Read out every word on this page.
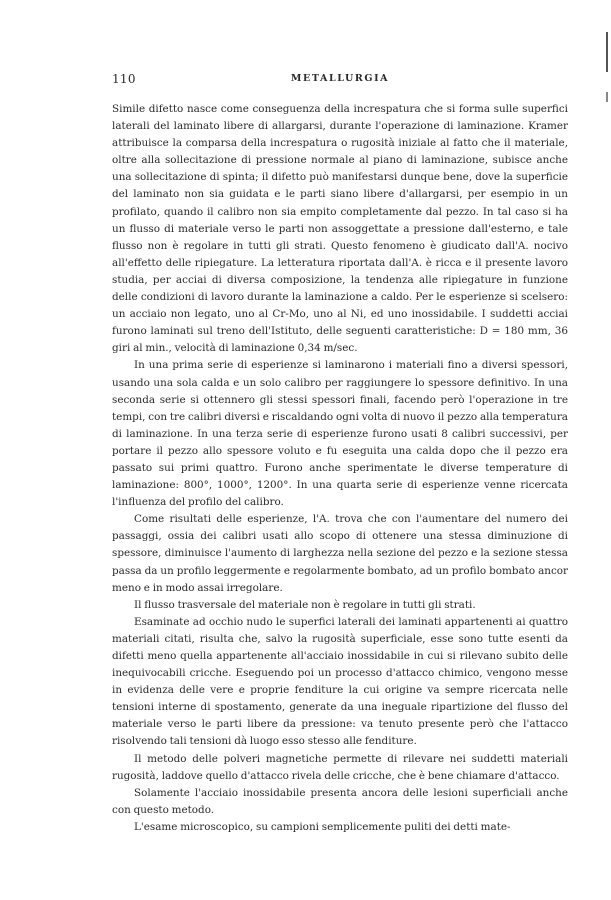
110	METALLURGIA

Simile difetto nasce come conseguenza della increspatura che si forma sulle superfici laterali del laminato libere di allargarsi, durante l'operazione di laminazione. Kramer attribuisce la comparsa della increspatura o rugosità iniziale al fatto che il materiale, oltre alla sollecitazione di pressione normale al piano di laminazione, subisce anche una sollecitazione di spinta; il difetto può manifestarsi dunque bene, dove la superficie del laminato non sia guidata e le parti siano libere d'allargarsi, per esempio in un profilato, quando il calibro non sia empito completamente dal pezzo. In tal caso si ha un flusso di materiale verso le parti non assoggettate a pressione dall'esterno, e tale flusso non è regolare in tutti gli strati. Questo fenomeno è giudicato dall'A. nocivo all'effetto delle ripiegature. La letteratura riportata dall'A. è ricca e il presente lavoro studia, per acciai di diversa composizione, la tendenza alle ripiegature in funzione delle condizioni di lavoro durante la laminazione a caldo. Per le esperienze si scelsero: un acciaio non legato, uno al Cr-Mo, uno al Ni, ed uno inossidabile. I suddetti acciai furono laminati sul treno dell'Istituto, delle seguenti caratteristiche: D = 180 mm, 36 giri al min., velocità di laminazione 0,34 m/sec.

In una prima serie di esperienze si laminarono i materiali fino a diversi spessori, usando una sola calda e un solo calibro per raggiungere lo spessore definitivo. In una seconda serie si ottennero gli stessi spessori finali, facendo però l'operazione in tre tempi, con tre calibri diversi e riscaldando ogni volta di nuovo il pezzo alla temperatura di laminazione. In una terza serie di esperienze furono usati 8 calibri successivi, per portare il pezzo allo spessore voluto e fu eseguita una calda dopo che il pezzo era passato sui primi quattro. Furono anche sperimentate le diverse temperature di laminazione: 800°, 1000°, 1200°. In una quarta serie di esperienze venne ricercata l'influenza del profilo del calibro.

Come risultati delle esperienze, l'A. trova che con l'aumentare del numero dei passaggi, ossia dei calibri usati allo scopo di ottenere una stessa diminuzione di spessore, diminuisce l'aumento di larghezza nella sezione del pezzo e la sezione stessa passa da un profilo leggermente e regolarmente bombato, ad un profilo bombato ancor meno e in modo assai irregolare.

Il flusso trasversale del materiale non è regolare in tutti gli strati.

Esaminate ad occhio nudo le superfici laterali dei laminati appartenenti ai quattro materiali citati, risulta che, salvo la rugosità superficiale, esse sono tutte esenti da difetti meno quella appartenente all'acciaio inossidabile in cui si rilevano subito delle inequivocabili cricche. Eseguendo poi un processo d'attacco chimico, vengono messe in evidenza delle vere e proprie fenditure la cui origine va sempre ricercata nelle tensioni interne di spostamento, generate da una ineguale ripartizione del flusso del materiale verso le parti libere da pressione: va tenuto presente però che l'attacco risolvendo tali tensioni dà luogo esso stesso alle fenditure.

Il metodo delle polveri magnetiche permette di rilevare nei suddetti materiali rugosità, laddove quello d'attacco rivela delle cricche, che è bene chiamare d'attacco.

Solamente l'acciaio inossidabile presenta ancora delle lesioni superficiali anche con questo metodo.

L'esame microscopico, su campioni semplicemente puliti dei detti mate-
